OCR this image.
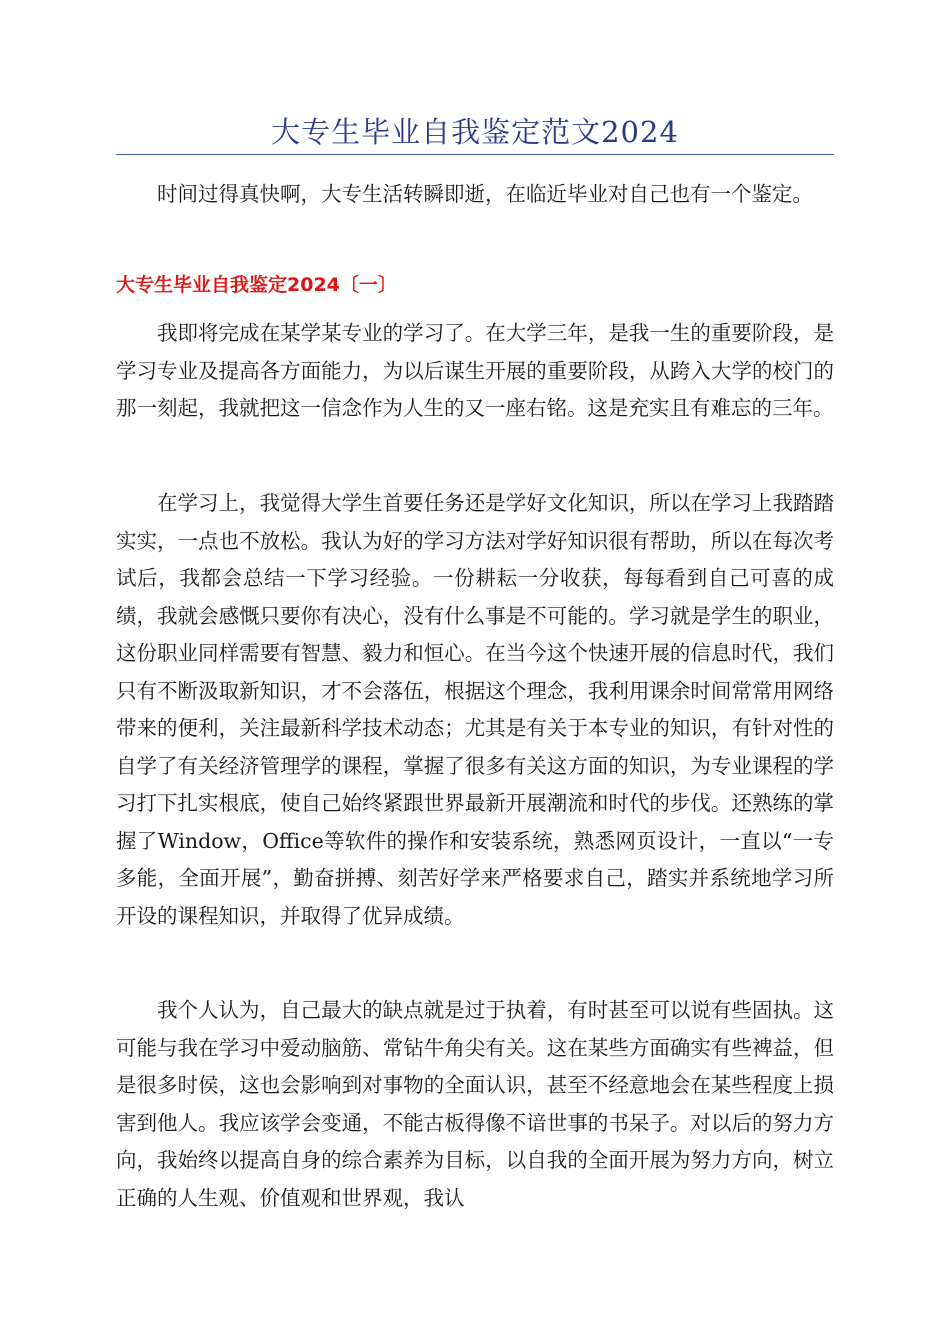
大专生毕业自我鉴定范文2024

时间过得真快啊，大专生活转瞬即逝，在临近毕业对自己也有一个鉴定。

大专生毕业自我鉴定2024〔一〕

我即将完成在某学某专业的学习了。在大学三年，是我一生的重要阶段，是学习专业及提高各方面能力，为以后谋生开展的重要阶段，从跨入大学的校门的那一刻起，我就把这一信念作为人生的又一座右铭。这是充实且有难忘的三年。

在学习上，我觉得大学生首要任务还是学好文化知识，所以在学习上我踏踏实实，一点也不放松。我认为好的学习方法对学好知识很有帮助，所以在每次考试后，我都会总结一下学习经验。一份耕耘一分收获，每每看到自己可喜的成绩，我就会感慨只要你有决心，没有什么事是不可能的。学习就是学生的职业，这份职业同样需要有智慧、毅力和恒心。在当今这个快速开展的信息时代，我们只有不断汲取新知识，才不会落伍，根据这个理念，我利用课余时间常常用网络带来的便利，关注最新科学技术动态；尤其是有关于本专业的知识，有针对性的自学了有关经济管理学的课程，掌握了很多有关这方面的知识，为专业课程的学习打下扎实根底，使自己始终紧跟世界最新开展潮流和时代的步伐。还熟练的掌握了Window，Office等软件的操作和安装系统，熟悉网页设计，一直以“一专多能，全面开展”，勤奋拼搏、刻苦好学来严格要求自己，踏实并系统地学习所开设的课程知识，并取得了优异成绩。

我个人认为，自己最大的缺点就是过于执着，有时甚至可以说有些固执。这可能与我在学习中爱动脑筋、常钻牛角尖有关。这在某些方面确实有些裨益，但是很多时侯，这也会影响到对事物的全面认识，甚至不经意地会在某些程度上损害到他人。我应该学会变通，不能古板得像不谙世事的书呆子。对以后的努力方向，我始终以提高自身的综合素养为目标，以自我的全面开展为努力方向，树立正确的人生观、价值观和世界观，我认
